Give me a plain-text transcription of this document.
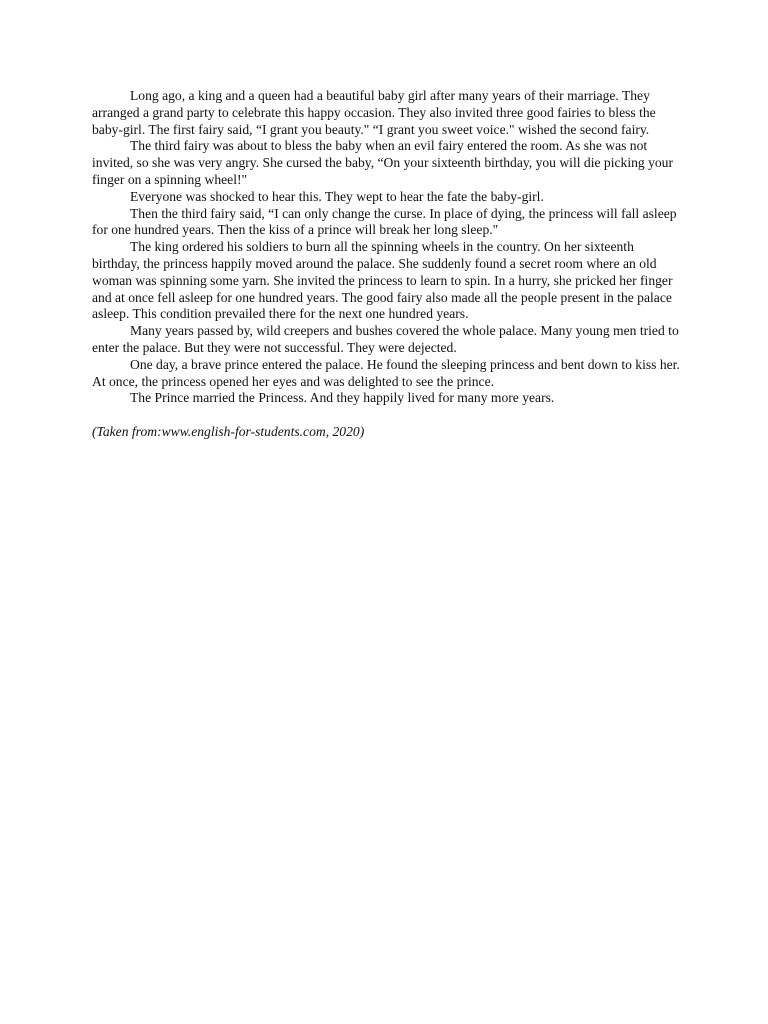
Long ago, a king and a queen had a beautiful baby girl after many years of their marriage. They arranged a grand party to celebrate this happy occasion. They also invited three good fairies to bless the baby-girl. The first fairy said, “I grant you beauty." “I grant you sweet voice." wished the second fairy.

The third fairy was about to bless the baby when an evil fairy entered the room. As she was not invited, so she was very angry. She cursed the baby, “On your sixteenth birthday, you will die picking your finger on a spinning wheel!"

Everyone was shocked to hear this. They wept to hear the fate the baby-girl.

Then the third fairy said, “I can only change the curse. In place of dying, the princess will fall asleep for one hundred years. Then the kiss of a prince will break her long sleep."

The king ordered his soldiers to burn all the spinning wheels in the country. On her sixteenth birthday, the princess happily moved around the palace. She suddenly found a secret room where an old woman was spinning some yarn. She invited the princess to learn to spin. In a hurry, she pricked her finger and at once fell asleep for one hundred years. The good fairy also made all the people present in the palace asleep. This condition prevailed there for the next one hundred years.

Many years passed by, wild creepers and bushes covered the whole palace. Many young men tried to enter the palace. But they were not successful. They were dejected.

One day, a brave prince entered the palace. He found the sleeping princess and bent down to kiss her. At once, the princess opened her eyes and was delighted to see the prince.

The Prince married the Princess. And they happily lived for many more years.

(Taken from:www.english-for-students.com, 2020)
